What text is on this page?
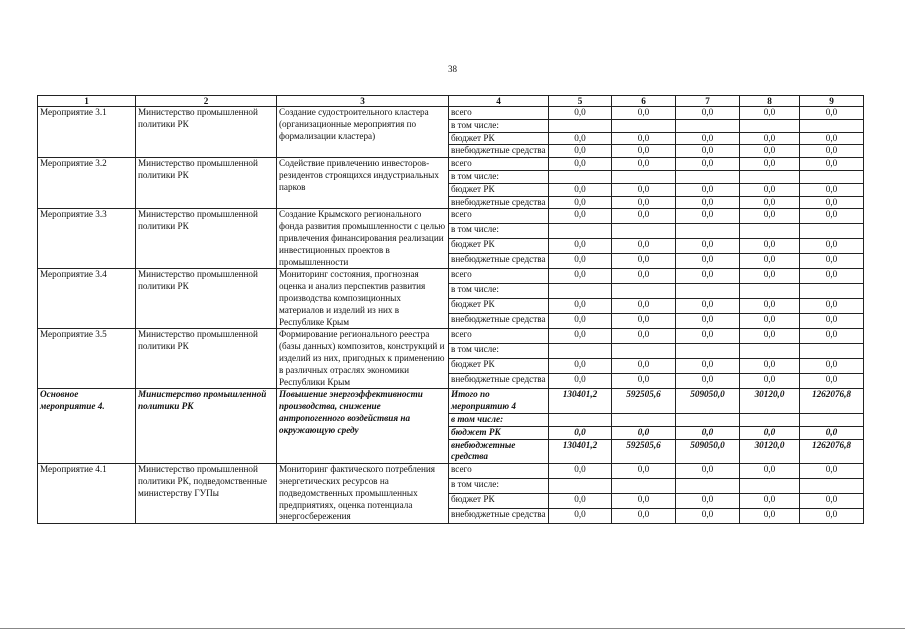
38
1	2	3	4	5	6	7	8	9
Мероприятие 3.1	Министерство промышленной политики РК	Создание судостроительного кластера (организационные мероприятия по формализации кластера)	всего	0,0	0,0	0,0	0,0	0,0
			в том числе:					
			бюджет РК	0,0	0,0	0,0	0,0	0,0
			внебюджетные средства	0,0	0,0	0,0	0,0	0,0
Мероприятие 3.2	Министерство промышленной политики РК	Содействие привлечению инвесторов-резидентов строящихся индустриальных парков	всего	0,0	0,0	0,0	0,0	0,0
			в том числе:					
			бюджет РК	0,0	0,0	0,0	0,0	0,0
			внебюджетные средства	0,0	0,0	0,0	0,0	0,0
Мероприятие 3.3	Министерство промышленной политики РК	Создание Крымского регионального фонда развития промышленности с целью привлечения финансирования реализации инвестиционных проектов в промышленности	всего	0,0	0,0	0,0	0,0	0,0
			в том числе:					
			бюджет РК	0,0	0,0	0,0	0,0	0,0
			внебюджетные средства	0,0	0,0	0,0	0,0	0,0
Мероприятие 3.4	Министерство промышленной политики РК	Мониторинг состояния, прогнозная оценка и анализ перспектив развития производства композиционных материалов и изделий из них в Республике Крым	всего	0,0	0,0	0,0	0,0	0,0
			в том числе:					
			бюджет РК	0,0	0,0	0,0	0,0	0,0
			внебюджетные средства	0,0	0,0	0,0	0,0	0,0
Мероприятие 3.5	Министерство промышленной политики РК	Формирование регионального реестра (базы данных) композитов, конструкций и изделий из них, пригодных к применению в различных отраслях экономики Республики Крым	всего	0,0	0,0	0,0	0,0	0,0
			в том числе:					
			бюджет РК	0,0	0,0	0,0	0,0	0,0
			внебюджетные средства	0,0	0,0	0,0	0,0	0,0
Основное мероприятие 4.	Министерство промышленной политики РК	Повышение энергоэффективности производства, снижение антропогенного воздействия на окружающую среду	Итого по мероприятию 4	130401,2	592505,6	509050,0	30120,0	1262076,8
			в том числе:					
			бюджет РК	0,0	0,0	0,0	0,0	0,0
			внебюджетные средства	130401,2	592505,6	509050,0	30120,0	1262076,8
Мероприятие 4.1	Министерство промышленной политики РК, подведомственные министерству ГУПы	Мониторинг фактического потребления энергетических ресурсов на подведомственных промышленных предприятиях, оценка потенциала энергосбережения	всего	0,0	0,0	0,0	0,0	0,0
			в том числе:					
			бюджет РК	0,0	0,0	0,0	0,0	0,0
			внебюджетные средства	0,0	0,0	0,0	0,0	0,0
